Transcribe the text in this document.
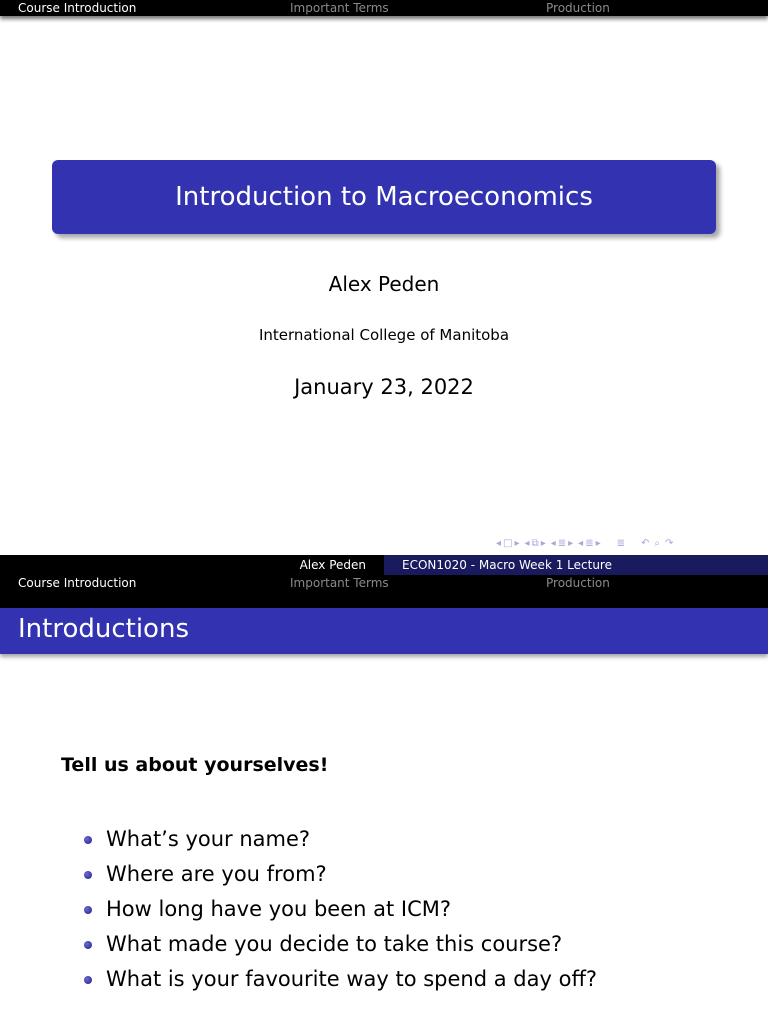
Course Introduction	Important Terms	Production
Introduction to Macroeconomics
Alex Peden
International College of Manitoba
January 23, 2022
◂ □ ▸ ◂ ⧉ ▸ ◂ ≣ ▸ ◂ ≣ ▸ ≣ ↶ ⌕ ↷
Alex Peden	ECON1020 - Macro Week 1 Lecture
Course Introduction	Important Terms	Production
Introductions
Tell us about yourselves!
What’s your name?
Where are you from?
How long have you been at ICM?
What made you decide to take this course?
What is your favourite way to spend a day off?
